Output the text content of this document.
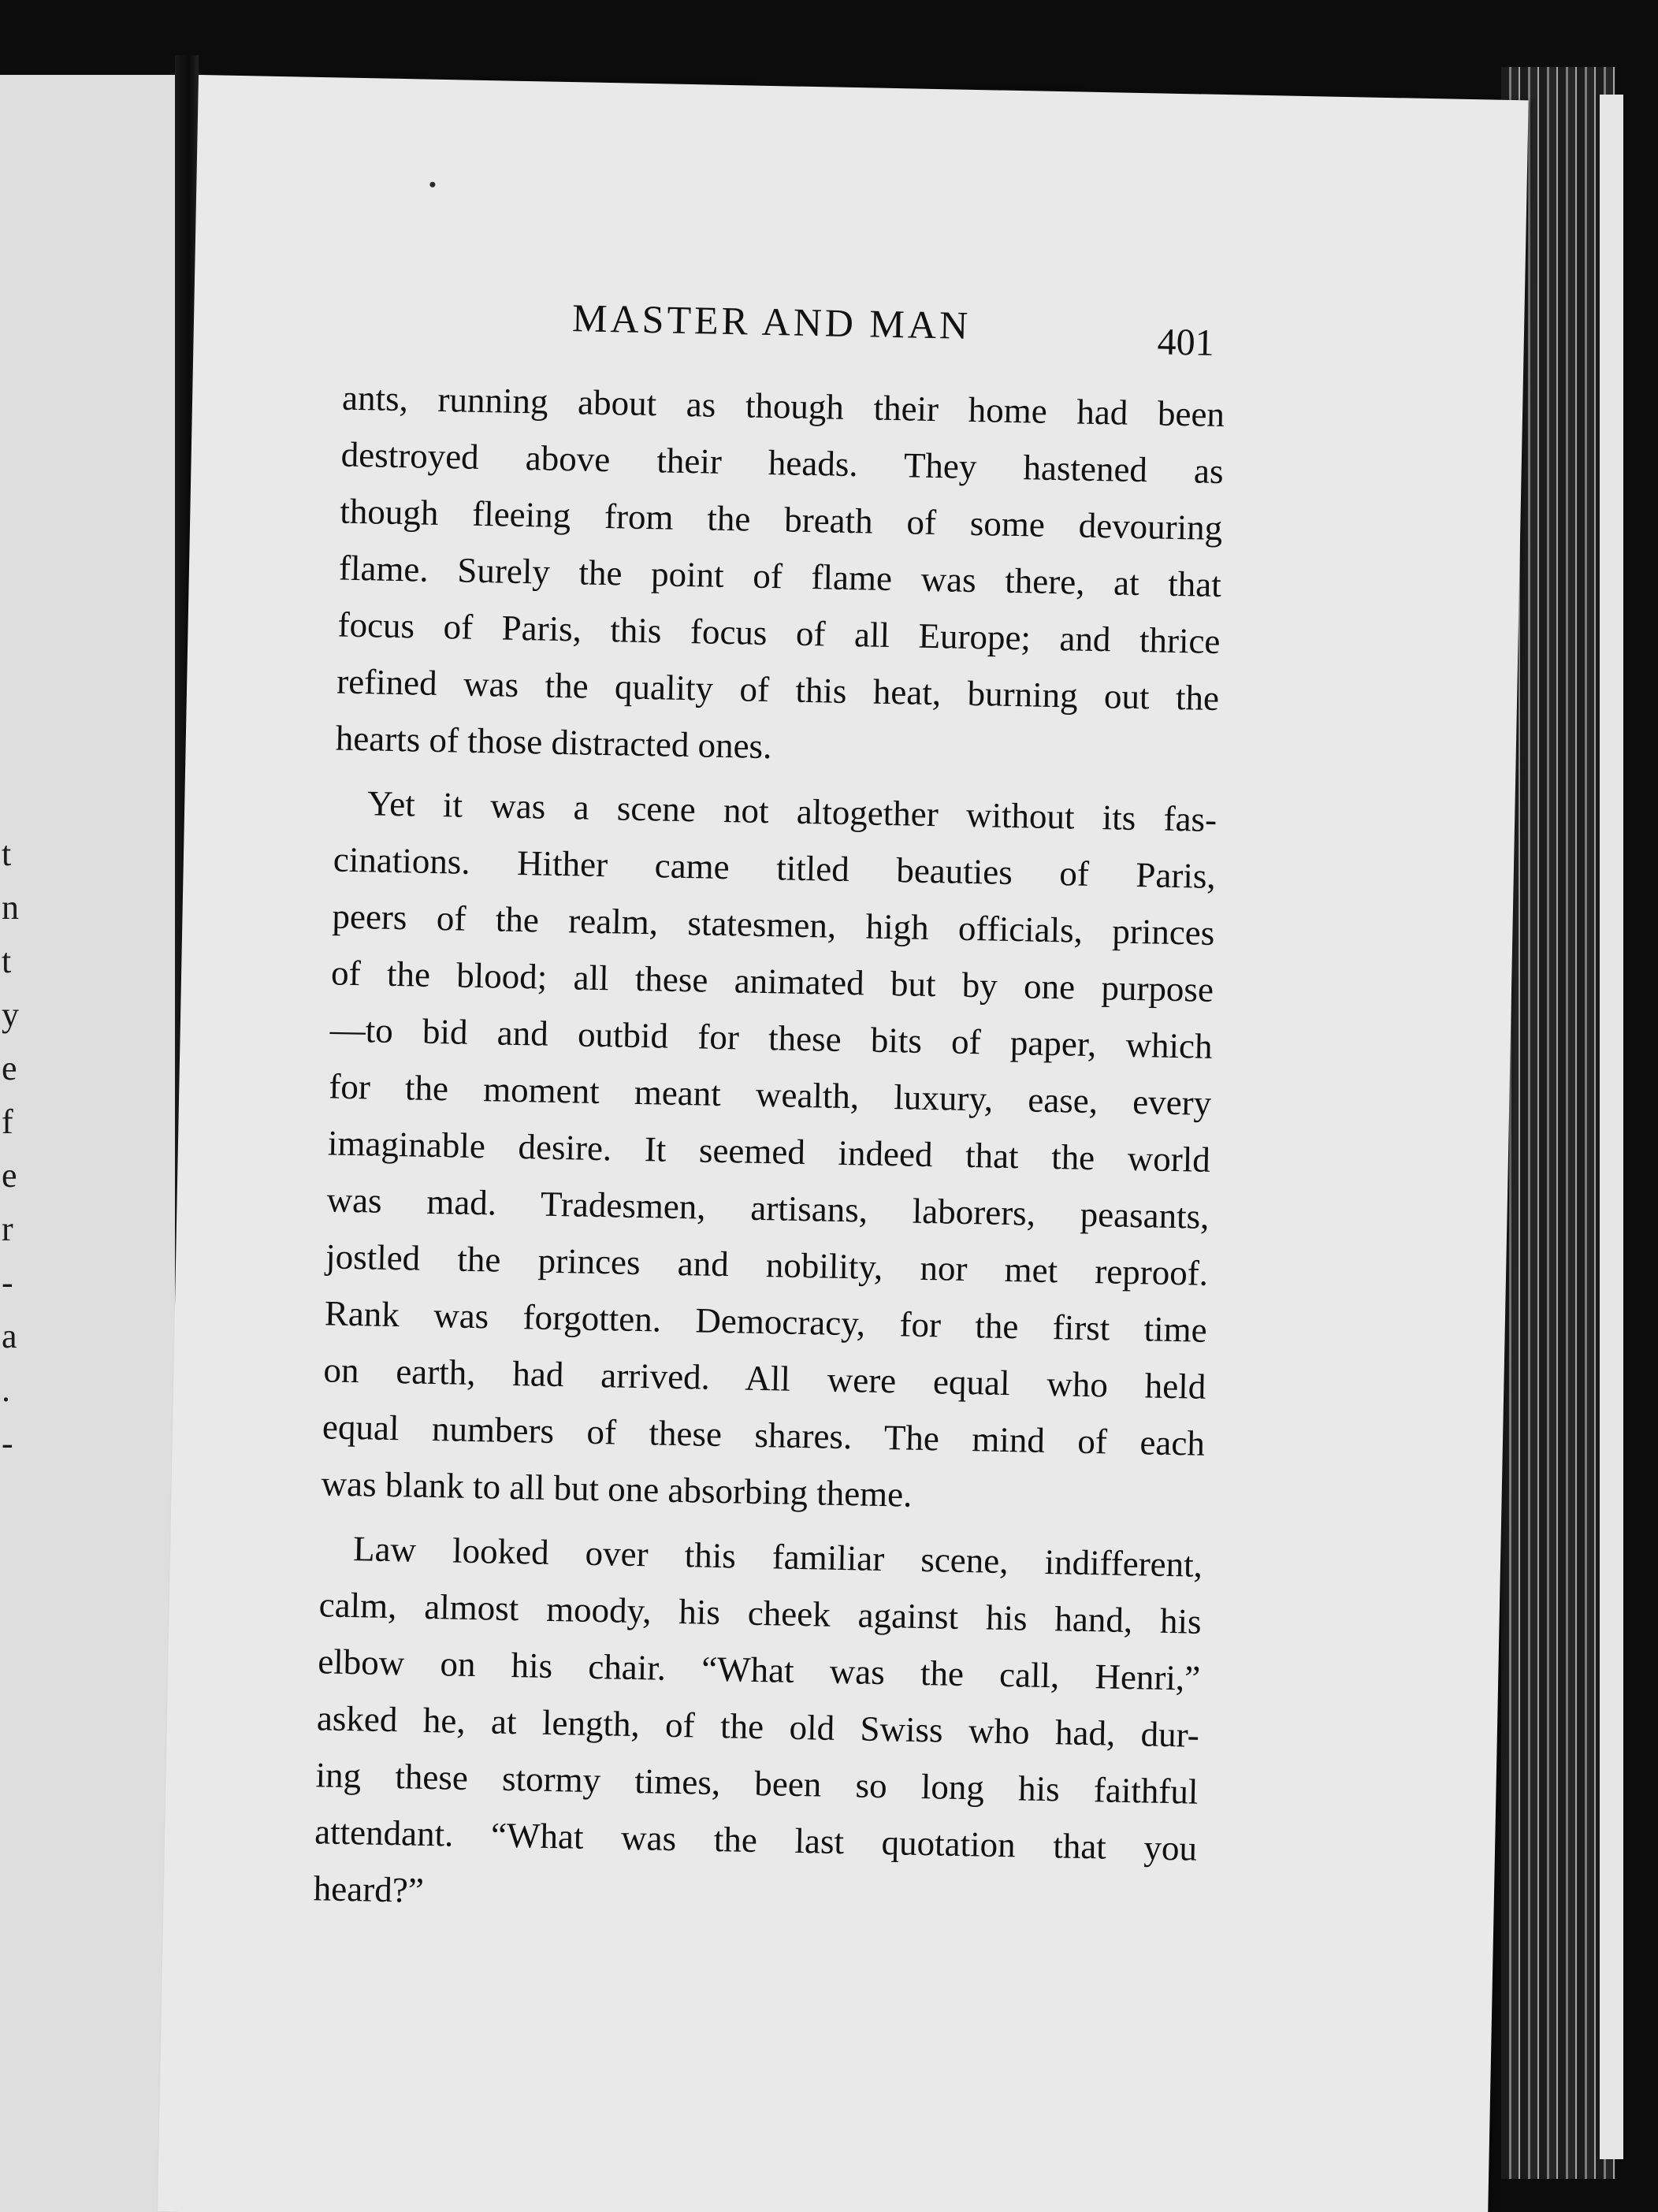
t
n
t
y
e
f
e
r
-
a
.
-
MASTER AND MAN	401
ants, running about as though their home had been
destroyed above their heads. They hastened as
though fleeing from the breath of some devouring
flame. Surely the point of flame was there, at that
focus of Paris, this focus of all Europe; and thrice
refined was the quality of this heat, burning out the
hearts of those distracted ones.
Yet it was a scene not altogether without its fas-
cinations. Hither came titled beauties of Paris,
peers of the realm, statesmen, high officials, princes
of the blood; all these animated but by one purpose
—to bid and outbid for these bits of paper, which
for the moment meant wealth, luxury, ease, every
imaginable desire. It seemed indeed that the world
was mad. Tradesmen, artisans, laborers, peasants,
jostled the princes and nobility, nor met reproof.
Rank was forgotten. Democracy, for the first time
on earth, had arrived. All were equal who held
equal numbers of these shares. The mind of each
was blank to all but one absorbing theme.
Law looked over this familiar scene, indifferent,
calm, almost moody, his cheek against his hand, his
elbow on his chair. “What was the call, Henri,”
asked he, at length, of the old Swiss who had, dur-
ing these stormy times, been so long his faithful
attendant. “What was the last quotation that you
heard?”
